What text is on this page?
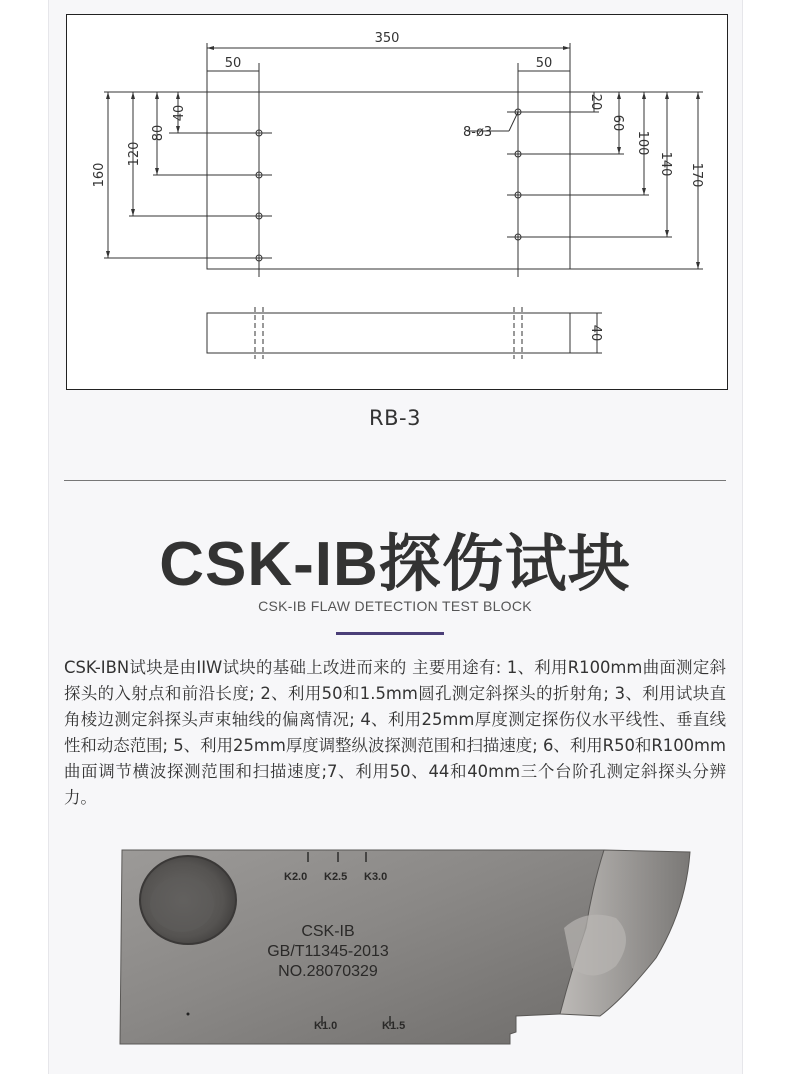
350
50	50
40
80
120
160
20
60
100
140 170
8-ø3
40
RB-3
CSK-IB探伤试块
CSK-IB FLAW DETECTION TEST BLOCK
CSK-IBN试块是由IIW试块的基础上改进而来的 主要用途有: 1、利用R100mm曲面测定斜探头的入射点和前沿长度; 2、利用50和1.5mm圆孔测定斜探头的折射角; 3、利用试块直角棱边测定斜探头声束轴线的偏离情况; 4、利用25mm厚度测定探伤仪水平线性、垂直线性和动态范围; 5、利用25mm厚度调整纵波探测范围和扫描速度; 6、利用R50和R100mm曲面调节横波探测范围和扫描速度;7、利用50、44和40mm三个台阶孔测定斜探头分辨力。
K2.0 K2.5 K3.0
CSK-IB
GB/T11345-2013
NO.28070329
K1.0	K1.5
